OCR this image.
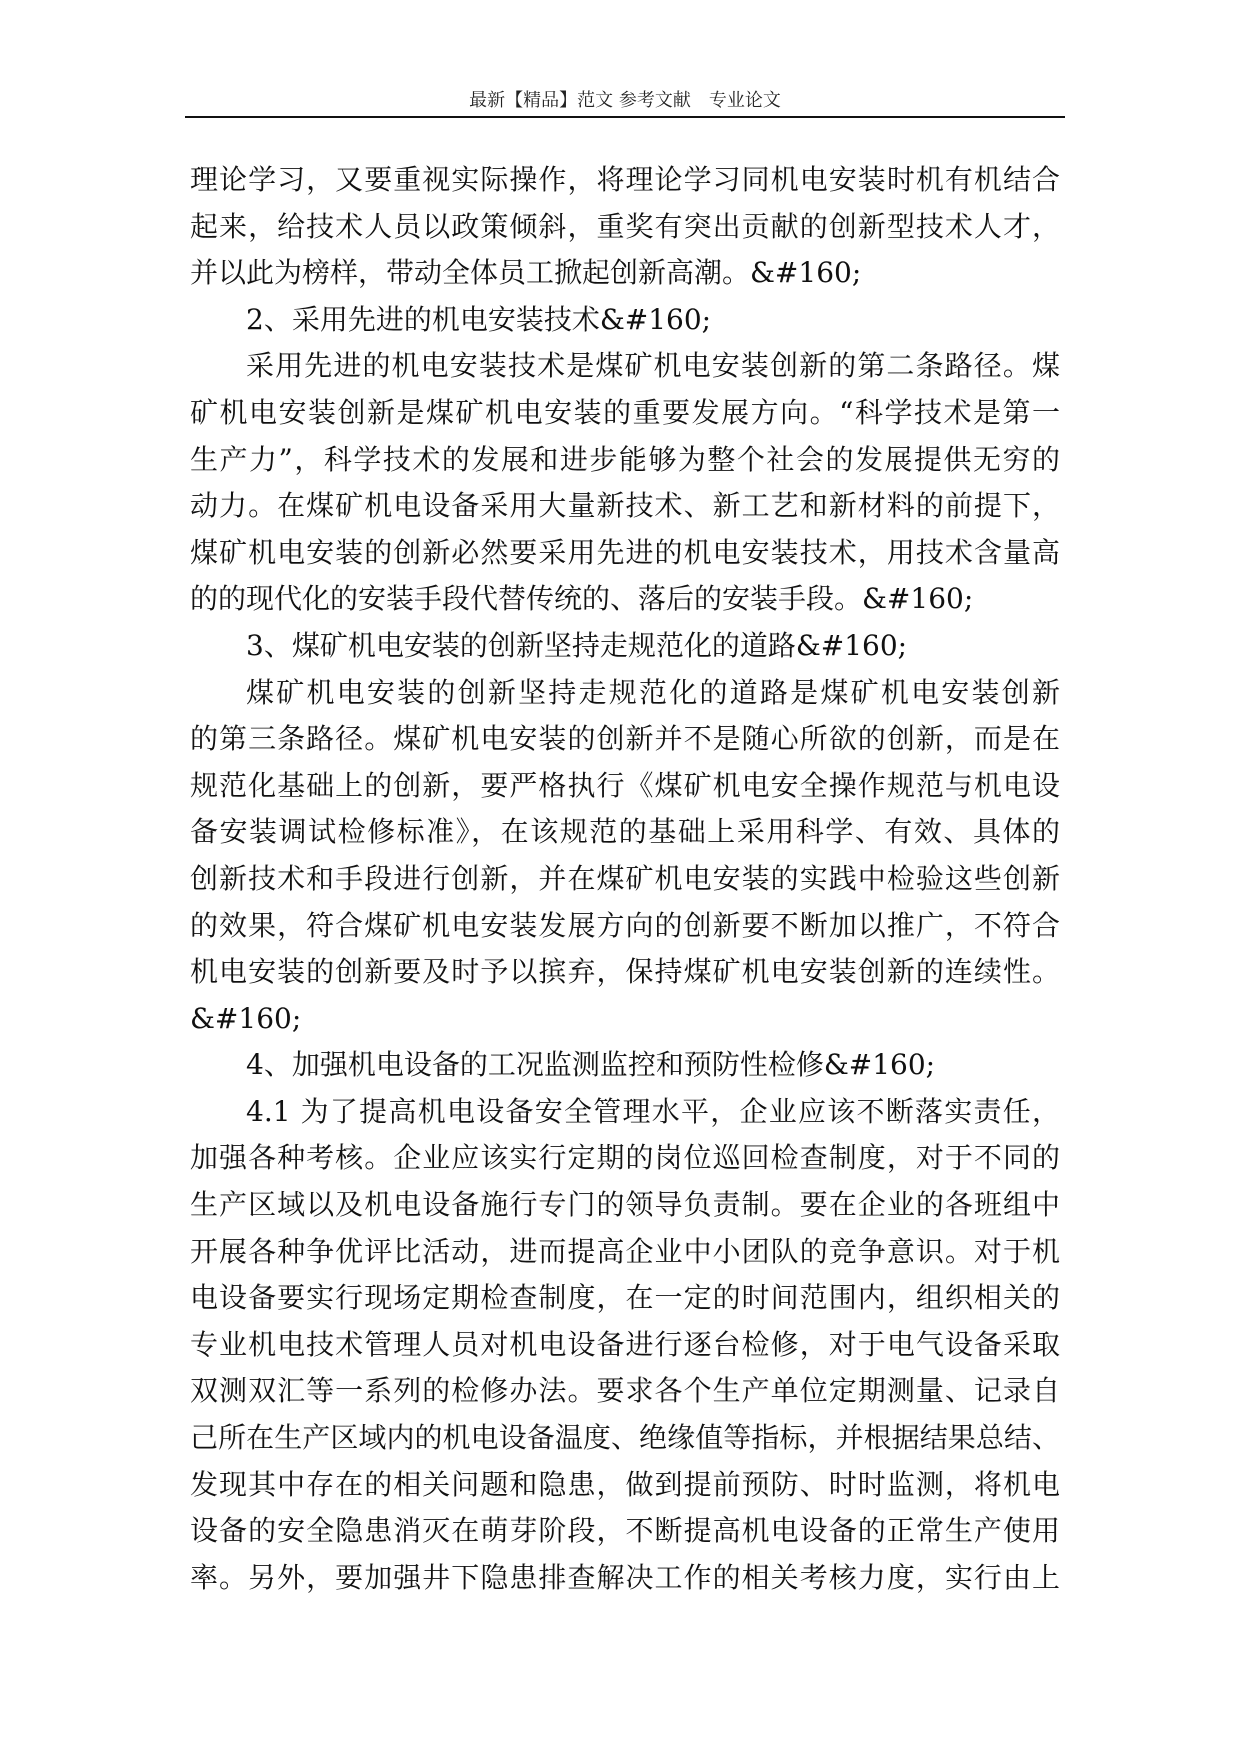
最新【精品】范文 参考文献　专业论文
理论学习，又要重视实际操作，将理论学习同机电安装时机有机结合
起来，给技术人员以政策倾斜，重奖有突出贡献的创新型技术人才，
并以此为榜样，带动全体员工掀起创新高潮。&#160;
2、采用先进的机电安装技术&#160;
采用先进的机电安装技术是煤矿机电安装创新的第二条路径。煤
矿机电安装创新是煤矿机电安装的重要发展方向。“科学技术是第一
生产力”，科学技术的发展和进步能够为整个社会的发展提供无穷的
动力。在煤矿机电设备采用大量新技术、新工艺和新材料的前提下，
煤矿机电安装的创新必然要采用先进的机电安装技术，用技术含量高
的的现代化的安装手段代替传统的、落后的安装手段。&#160;
3、煤矿机电安装的创新坚持走规范化的道路&#160;
煤矿机电安装的创新坚持走规范化的道路是煤矿机电安装创新
的第三条路径。煤矿机电安装的创新并不是随心所欲的创新，而是在
规范化基础上的创新，要严格执行《煤矿机电安全操作规范与机电设
备安装调试检修标准》，在该规范的基础上采用科学、有效、具体的
创新技术和手段进行创新，并在煤矿机电安装的实践中检验这些创新
的效果，符合煤矿机电安装发展方向的创新要不断加以推广，不符合
机电安装的创新要及时予以摈弃，保持煤矿机电安装创新的连续性。
&#160;
4、加强机电设备的工况监测监控和预防性检修&#160;
4.1 为了提高机电设备安全管理水平，企业应该不断落实责任，
加强各种考核。企业应该实行定期的岗位巡回检查制度，对于不同的
生产区域以及机电设备施行专门的领导负责制。要在企业的各班组中
开展各种争优评比活动，进而提高企业中小团队的竞争意识。对于机
电设备要实行现场定期检查制度，在一定的时间范围内，组织相关的
专业机电技术管理人员对机电设备进行逐台检修，对于电气设备采取
双测双汇等一系列的检修办法。要求各个生产单位定期测量、记录自
己所在生产区域内的机电设备温度、绝缘值等指标，并根据结果总结、
发现其中存在的相关问题和隐患，做到提前预防、时时监测，将机电
设备的安全隐患消灭在萌芽阶段，不断提高机电设备的正常生产使用
率。另外，要加强井下隐患排查解决工作的相关考核力度，实行由上
